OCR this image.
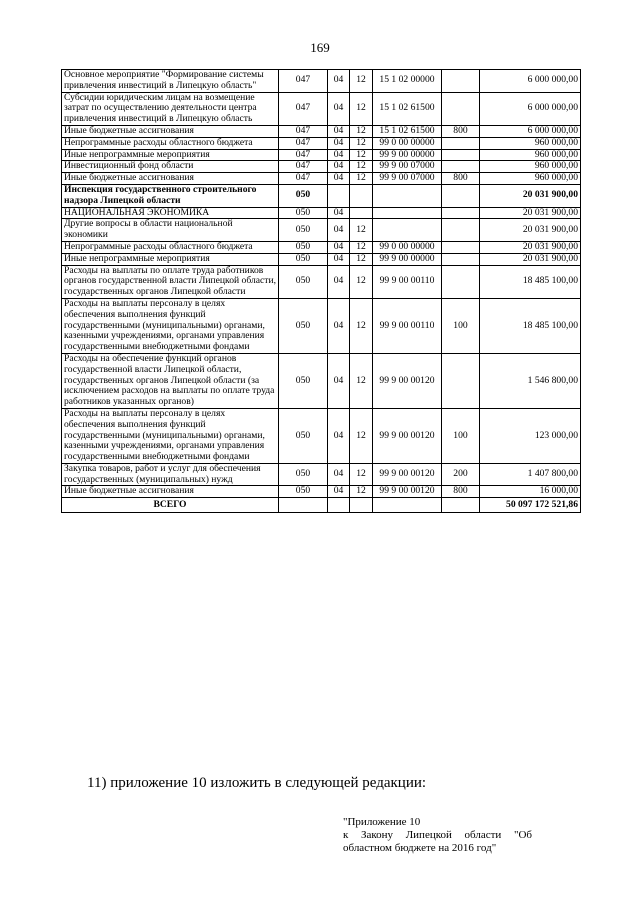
169
Основное мероприятие "Формирование системы привлечения инвестиций в Липецкую область"	047	04	12	15 1 02 00000		6 000 000,00
Субсидии юридическим лицам на возмещение затрат по осуществлению деятельности центра привлечения инвестиций в Липецкую область	047	04	12	15 1 02 61500		6 000 000,00
Иные бюджетные ассигнования	047	04	12	15 1 02 61500	800	6 000 000,00
Непрограммные расходы областного бюджета	047	04	12	99 0 00 00000		960 000,00
Иные непрограммные мероприятия	047	04	12	99 9 00 00000		960 000,00
Инвестиционный фонд области	047	04	12	99 9 00 07000		960 000,00
Иные бюджетные ассигнования	047	04	12	99 9 00 07000	800	960 000,00
Инспекция государственного строительного надзора Липецкой области	050					20 031 900,00
НАЦИОНАЛЬНАЯ ЭКОНОМИКА	050	04				20 031 900,00
Другие вопросы в области национальной экономики	050	04	12			20 031 900,00
Непрограммные расходы областного бюджета	050	04	12	99 0 00 00000		20 031 900,00
Иные непрограммные мероприятия	050	04	12	99 9 00 00000		20 031 900,00
Расходы на выплаты по оплате труда работников органов государственной власти Липецкой области, государственных органов Липецкой области	050	04	12	99 9 00 00110		18 485 100,00
Расходы на выплаты персоналу в целях обеспечения выполнения функций государственными (муниципальными) органами, казенными учреждениями, органами управления государственными внебюджетными фондами	050	04	12	99 9 00 00110	100	18 485 100,00
Расходы на обеспечение функций органов государственной власти Липецкой области, государственных органов Липецкой области (за исключением расходов на выплаты по оплате труда работников указанных органов)	050	04	12	99 9 00 00120		1 546 800,00
Расходы на выплаты персоналу в целях обеспечения выполнения функций государственными (муниципальными) органами, казенными учреждениями, органами управления государственными внебюджетными фондами	050	04	12	99 9 00 00120	100	123 000,00
Закупка товаров, работ и услуг для обеспечения государственных (муниципальных) нужд	050	04	12	99 9 00 00120	200	1 407 800,00
Иные бюджетные ассигнования	050	04	12	99 9 00 00120	800	16 000,00
ВСЕГО						50 097 172 521,86
11) приложение 10 изложить в следующей редакции:
"Приложение 10
к Закону Липецкой области "Об
областном бюджете на 2016 год"
